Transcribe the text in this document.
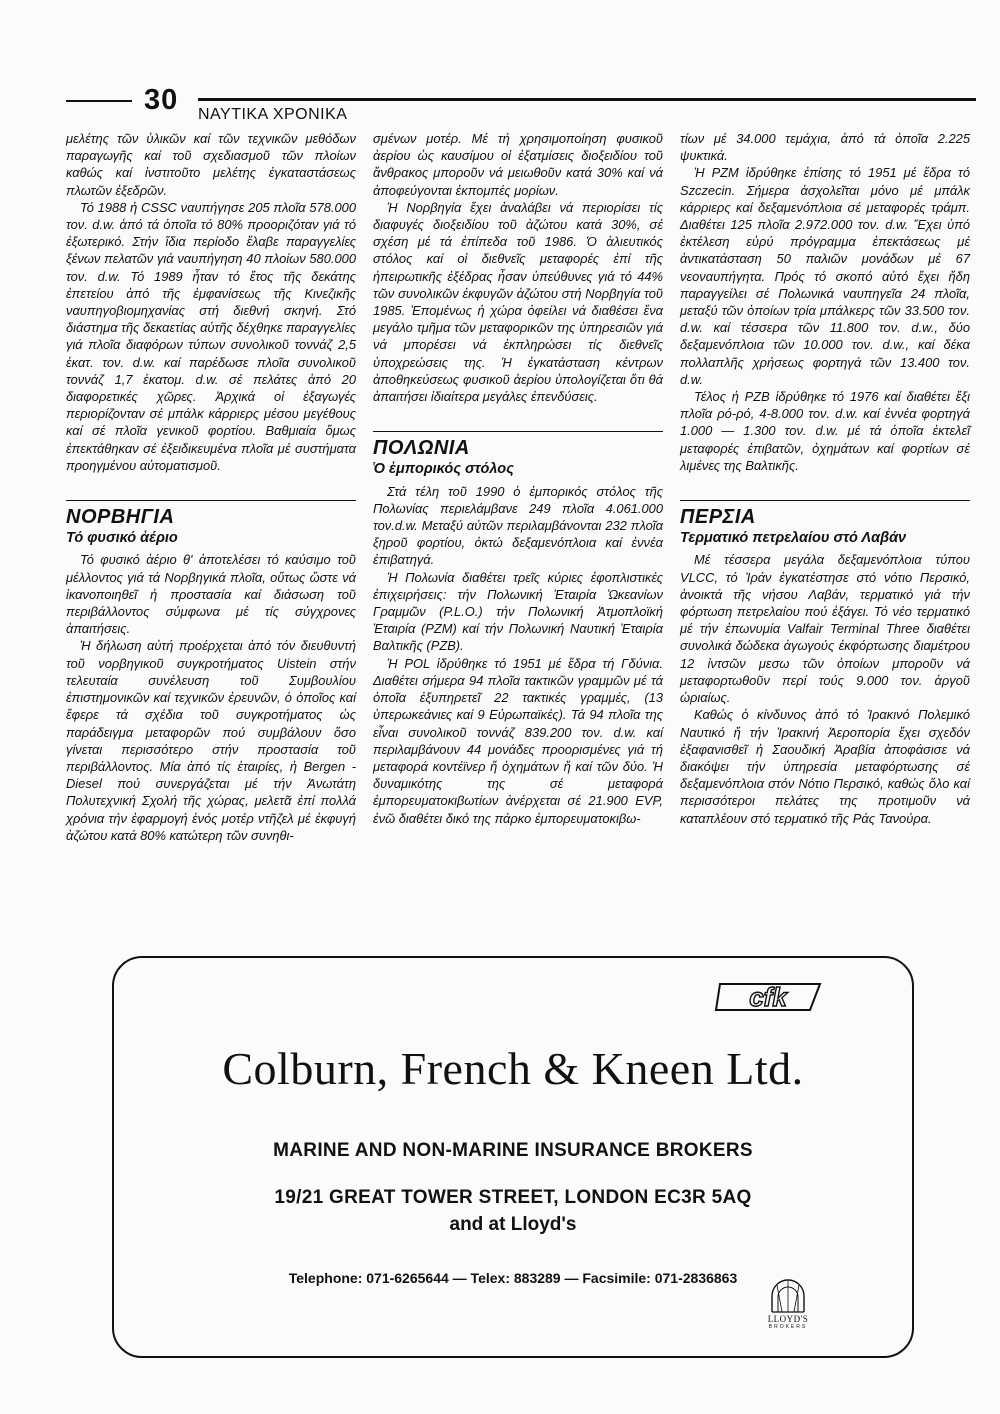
30 ΝΑΥΤΙΚΑ ΧΡΟΝΙΚΑ

μελέτης τῶν ὑλικῶν καί τῶν τεχνικῶν μεθόδων παραγωγῆς καί τοῦ σχεδιασμοῦ τῶν πλοίων καθώς καί ἰνστιτοῦτο μελέτης ἐγκαταστάσεως πλωτῶν ἐξεδρῶν.

Τό 1988 ἡ CSSC ναυπήγησε 205 πλοῖα 578.000 τον. d.w. ἀπό τά ὁποῖα τό 80% προοριζόταν γιά τό ἐξωτερικό. Στήν ἴδια περίοδο ἔλαβε παραγγελίες ξένων πελατῶν γιά ναυπήγηση 40 πλοίων 580.000 τον. d.w. Τό 1989 ἦταν τό ἔτος τῆς δεκάτης ἐπετείου ἀπό τῆς ἐμφανίσεως τῆς Κινεζικῆς ναυπηγοβιομηχανίας στή διεθνή σκηνή. Στό διάστημα τῆς δεκαετίας αὐτῆς δέχθηκε παραγγελίες γιά πλοῖα διαφόρων τύπων συνολικοῦ τοννάζ 2,5 ἑκατ. τον. d.w. καί παρέδωσε πλοῖα συνολικοῦ τοννάζ 1,7 ἑκατομ. d.w. σέ πελάτες ἀπό 20 διαφορετικές χῶρες. Ἀρχικά οἱ ἐξαγωγές περιορίζονταν σέ μπάλκ κάρριερς μέσου μεγέθους καί σέ πλοῖα γενικοῦ φορτίου. Βαθμιαία ὅμως ἐπεκτάθηκαν σέ ἐξειδικευμένα πλοῖα μέ συστήματα προηγμένου αὐτοματισμοῦ.

ΝΟΡΒΗΓΙΑ
Τό φυσικό ἀέριο

Τό φυσικό ἀέριο θ' ἀποτελέσει τό καύσιμο τοῦ μέλλοντος γιά τά Νορβηγικά πλοῖα, οὕτως ὥστε νά ἱκανοποιηθεῖ ἡ προστασία καί διάσωση τοῦ περιβάλλοντος σύμφωνα μέ τίς σύγχρονες ἀπαιτήσεις.

Ἡ δήλωση αὐτή προέρχεται ἀπό τόν διευθυντή τοῦ νορβηγικοῦ συγκροτήματος Uistein στήν τελευταία συνέλευση τοῦ Συμβουλίου ἐπιστημονικῶν καί τεχνικῶν ἐρευνῶν, ὁ ὁποῖος καί ἔφερε τά σχέδια τοῦ συγκροτήματος ὡς παράδειγμα μεταφορῶν πού συμβάλουν ὅσο γίνεται περισσότερο στήν προστασία τοῦ περιβάλλοντος. Μία ἀπό τίς ἑταιρίες, ἡ Bergen - Diesel πού συνεργάζεται μέ τήν Ἀνωτάτη Πολυτεχνική Σχολή τῆς χώρας, μελετᾶ ἐπί πολλά χρόνια τήν ἐφαρμογή ἑνός μοτέρ ντῆζελ μέ ἐκφυγή ἀζώτου κατά 80% κατώτερη τῶν συνηθι-

σμένων μοτέρ. Μέ τή χρησιμοποίηση φυσικοῦ ἀερίου ὡς καυσίμου οἱ ἐξατμίσεις διοξειδίου τοῦ ἄνθρακος μποροῦν νά μειωθοῦν κατά 30% καί νά ἀποφεύγονται ἐκπομπές μορίων.

Ἡ Νορβηγία ἔχει ἀναλάβει νά περιορίσει τίς διαφυγές διοξειδίου τοῦ ἀζώτου κατά 30%, σέ σχέση μέ τά ἐπίπεδα τοῦ 1986. Ὁ ἁλιευτικός στόλος καί οἱ διεθνεῖς μεταφορές ἐπί τῆς ἠπειρωτικῆς ἐξέδρας ἦσαν ὑπεύθυνες γιά τό 44% τῶν συνολικῶν ἐκφυγῶν ἀζώτου στή Νορβηγία τοῦ 1985. Ἑπομένως ἡ χώρα ὀφείλει νά διαθέσει ἕνα μεγάλο τμῆμα τῶν μεταφορικῶν της ὑπηρεσιῶν γιά νά μπορέσει νά ἐκπληρώσει τίς διεθνεῖς ὑποχρεώσεις της. Ἡ ἐγκατάσταση κέντρων ἀποθηκεύσεως φυσικοῦ ἀερίου ὑπολογίζεται ὅτι θά ἀπαιτήσει ἰδιαίτερα μεγάλες ἐπενδύσεις.

ΠΟΛΩΝΙΑ
Ὁ ἐμπορικός στόλος

Στά τέλη τοῦ 1990 ὁ ἐμπορικός στόλος τῆς Πολωνίας περιελάμβανε 249 πλοῖα 4.061.000 τον.d.w. Μεταξύ αὐτῶν περιλαμβάνονται 232 πλοῖα ξηροῦ φορτίου, ὀκτώ δεξαμενόπλοια καί ἐννέα ἐπιβατηγά.

Ἡ Πολωνία διαθέτει τρεῖς κύριες ἐφοπλιστικές ἐπιχειρήσεις: τήν Πολωνική Ἑταιρία Ὠκεανίων Γραμμῶν (P.L.O.) τήν Πολωνική Ἀτμοπλοϊκή Ἑταιρία (PZM) καί τήν Πολωνική Ναυτική Ἑταιρία Βαλτικῆς (PZB).

Ἡ POL ἱδρύθηκε τό 1951 μέ ἕδρα τή Γδύνια. Διαθέτει σήμερα 94 πλοῖα τακτικῶν γραμμῶν μέ τά ὁποῖα ἐξυπηρετεῖ 22 τακτικές γραμμές, (13 ὑπερωκεάνιες καί 9 Εὐρωπαϊκές). Τά 94 πλοῖα της εἶναι συνολικοῦ τοννάζ 839.200 τον. d.w. καί περιλαμβάνουν 44 μονάδες προορισμένες γιά τή μεταφορά κοντέϊνερ ἤ ὀχημάτων ἤ καί τῶν δύο. Ἡ δυναμικότης της σέ μεταφορά ἐμπορευματοκιβωτίων ἀνέρχεται σέ 21.900 EVP, ἐνῶ διαθέτει δικό της πάρκο ἐμπορευματοκιβω-

τίων μέ 34.000 τεμάχια, ἀπό τά ὁποῖα 2.225 ψυκτικά.

Ἡ PZM ἱδρύθηκε ἐπίσης τό 1951 μέ ἕδρα τό Szczecin. Σήμερα ἀσχολεῖται μόνο μέ μπάλκ κάρριερς καί δεξαμενόπλοια σέ μεταφορές τράμπ. Διαθέτει 125 πλοῖα 2.972.000 τον. d.w. Ἔχει ὑπό ἐκτέλεση εὐρύ πρόγραμμα ἐπεκτάσεως μέ ἀντικατάσταση 50 παλιῶν μονάδων μέ 67 νεοναυπήγητα. Πρός τό σκοπό αὐτό ἔχει ἤδη παραγγείλει σέ Πολωνικά ναυπηγεῖα 24 πλοῖα, μεταξύ τῶν ὁποίων τρία μπάλκερς τῶν 33.500 τον. d.w. καί τέσσερα τῶν 11.800 τον. d.w., δύο δεξαμενόπλοια τῶν 10.000 τον. d.w., καί δέκα πολλαπλῆς χρήσεως φορτηγά τῶν 13.400 τον. d.w.

Τέλος ἡ PZB ἱδρύθηκε τό 1976 καί διαθέτει ἕξι πλοῖα ρό-ρό, 4-8.000 τον. d.w. καί ἐννέα φορτηγά 1.000 — 1.300 τον. d.w. μέ τά ὁποῖα ἐκτελεῖ μεταφορές ἐπιβατῶν, ὀχημάτων καί φορτίων σέ λιμένες της Βαλτικῆς.

ΠΕΡΣΙΑ
Τερματικό πετρελαίου στό Λαβάν

Μέ τέσσερα μεγάλα δεξαμενόπλοια τύπου VLCC, τό Ἰράν ἐγκατέστησε στό νότιο Περσικό, ἀνοικτά τῆς νήσου Λαβάν, τερματικό γιά τήν φόρτωση πετρελαίου πού ἐξάγει. Τό νέο τερματικό μέ τήν ἐπωνυμία Valfair Terminal Three διαθέτει συνολικά δώδεκα ἀγωγούς ἐκφόρτωσης διαμέτρου 12 ἰντσῶν μεσω τῶν ὁποίων μποροῦν νά μεταφορτωθοῦν περί τούς 9.000 τον. ἀργοῦ ὡριαίως.

Καθώς ὁ κίνδυνος ἀπό τό Ἰρακινό Πολεμικό Ναυτικό ἤ τήν Ἰρακινή Ἀεροπορία ἔχει σχεδόν ἐξαφανισθεῖ ἡ Σαουδική Ἀραβία ἀποφάσισε νά διακόψει τήν ὑπηρεσία μεταφόρτωσης σέ δεξαμενόπλοια στόν Νότιο Περσικό, καθώς ὅλο καί περισσότεροι πελάτες της προτιμοῦν νά καταπλέουν στό τερματικό τῆς Ράς Τανούρα.

cfk
Colburn, French & Kneen Ltd.
MARINE AND NON-MARINE INSURANCE BROKERS
19/21 GREAT TOWER STREET, LONDON EC3R 5AQ
and at Lloyd's
Telephone: 071-6265644 — Telex: 883289 — Facsimile: 071-2836863
LLOYD'S
BROKERS
